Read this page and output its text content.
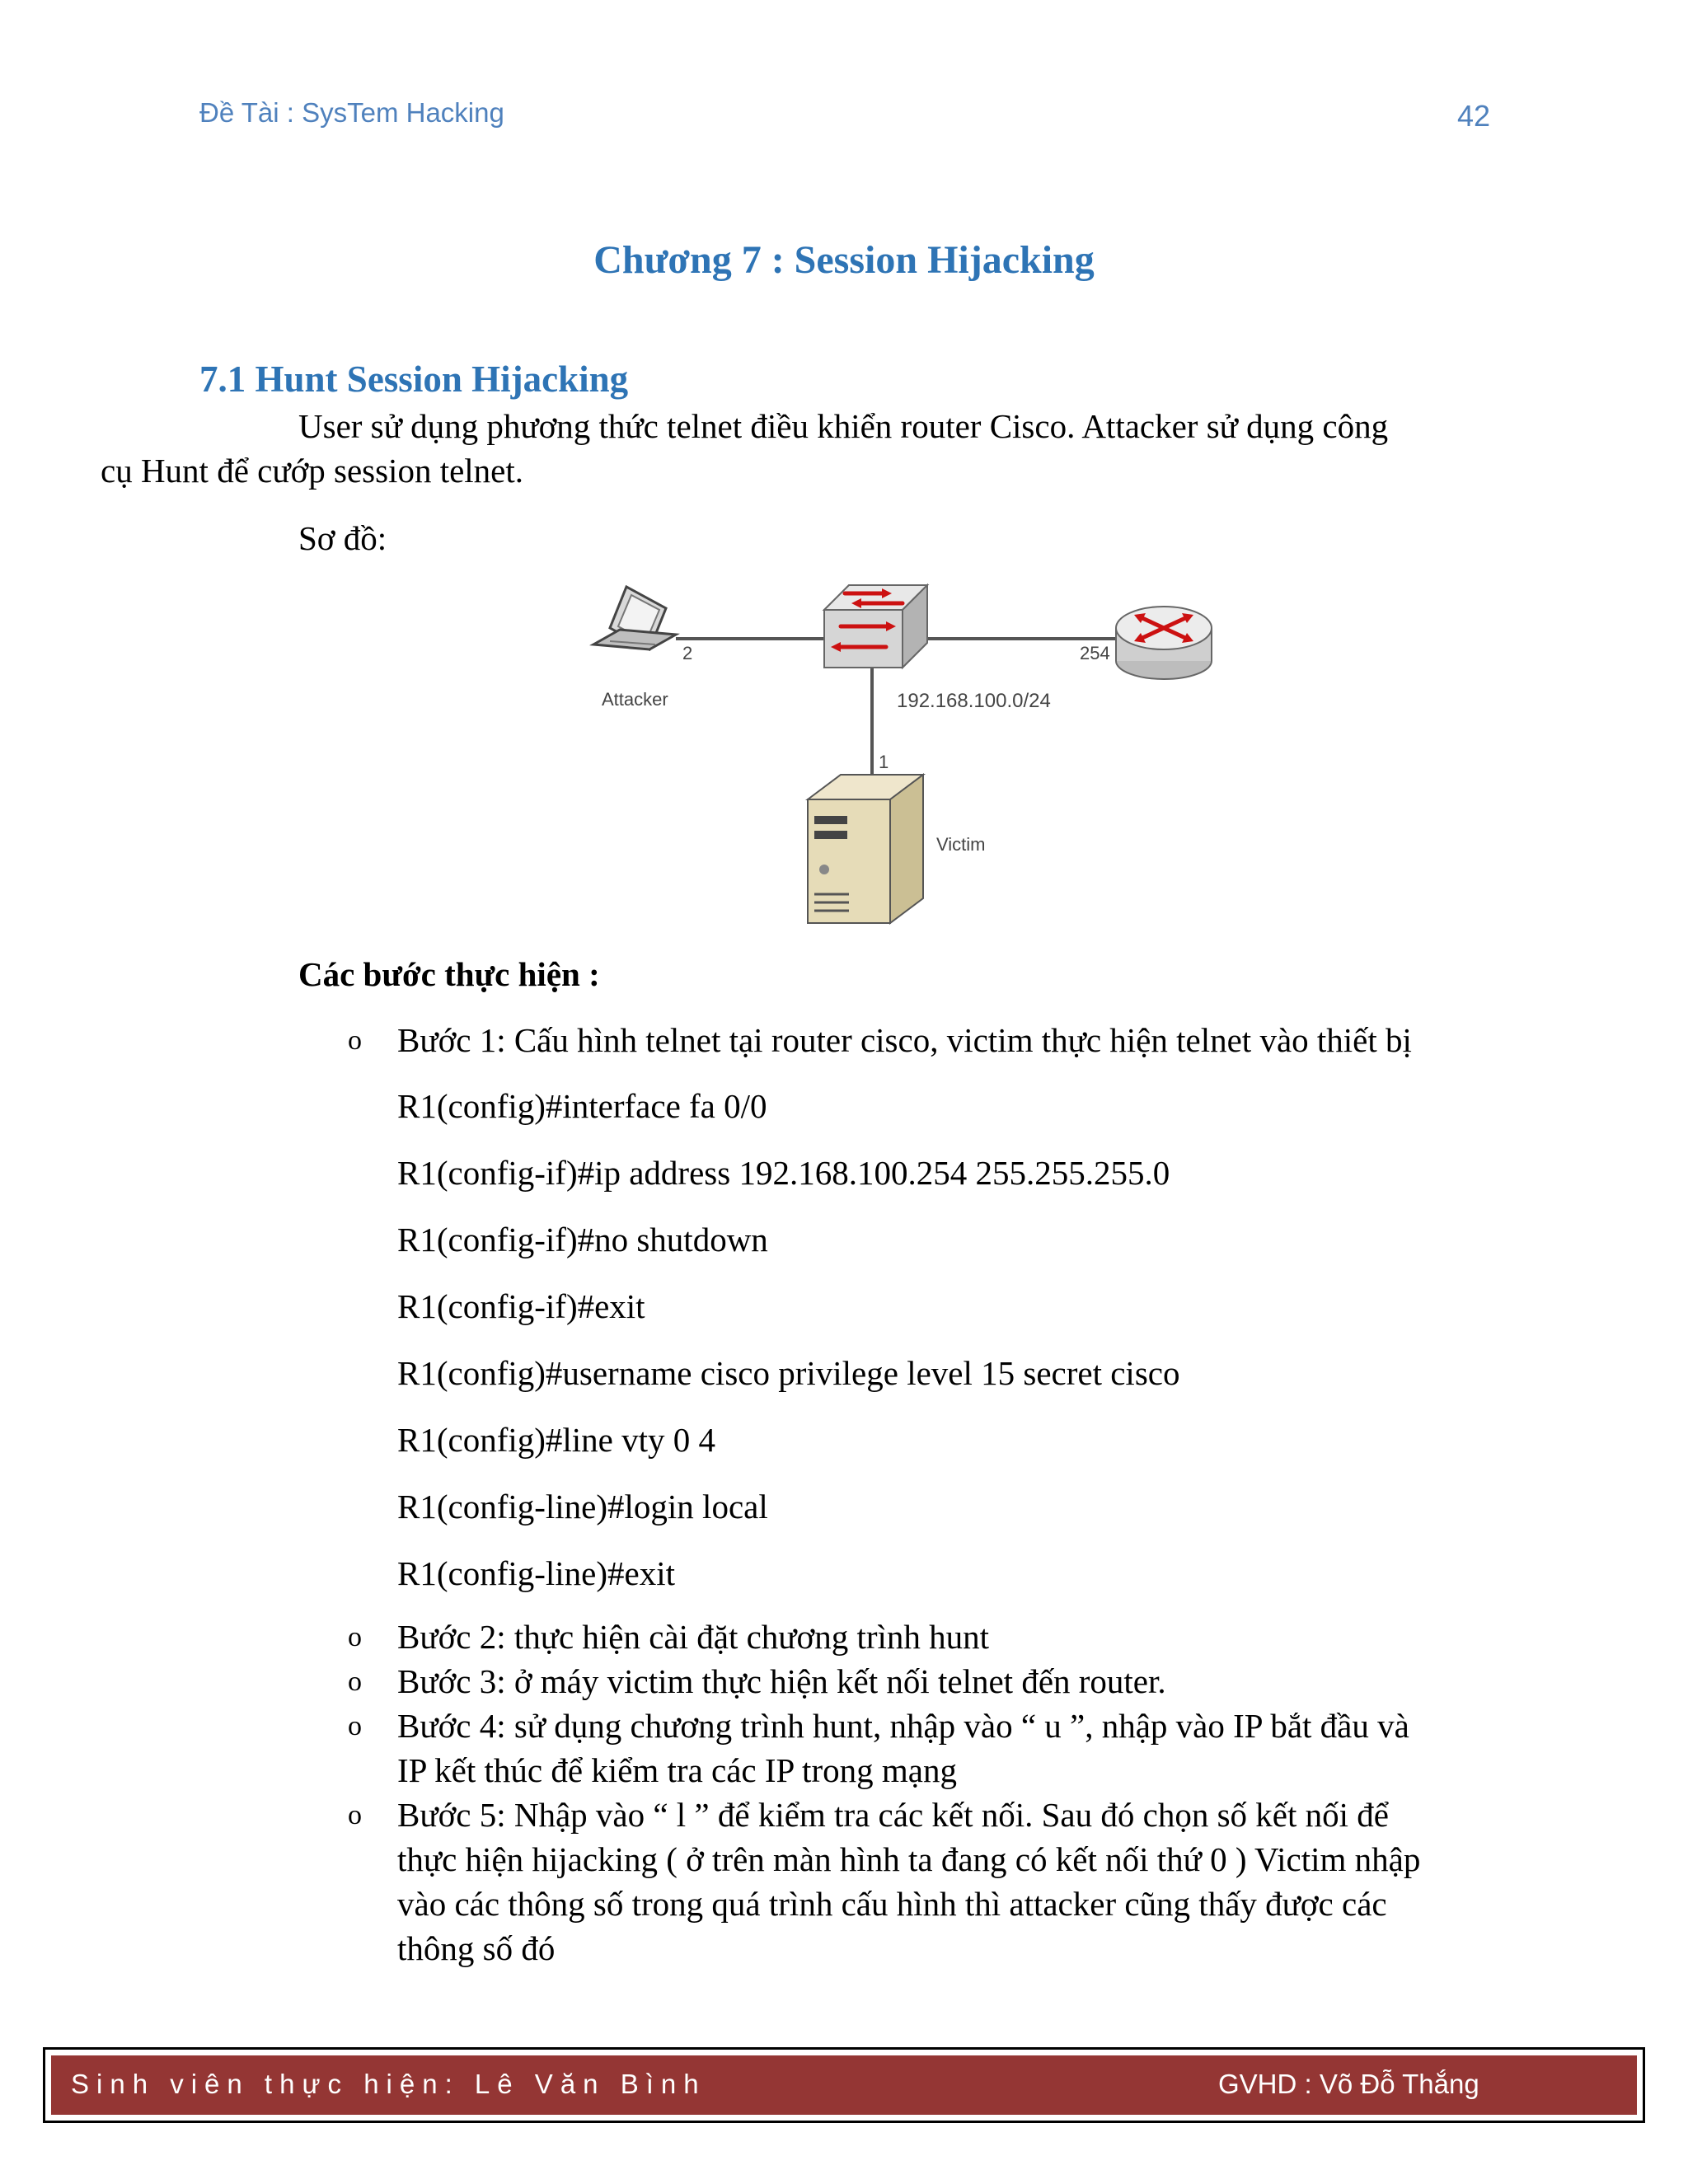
Đề Tài : SysTem Hacking	42
Chương 7 : Session Hijacking
7.1 Hunt Session Hijacking
User sử dụng phương thức telnet điều khiển router Cisco. Attacker sử dụng công
cụ Hunt để cướp session telnet.
Sơ đồ:
Attacker
2	254
192.168.100.0/24
1
Victim
Các bước thực hiện :
o Bước 1: Cấu hình telnet tại router cisco, victim thực hiện telnet vào thiết bị
R1(config)#interface fa 0/0
R1(config-if)#ip address 192.168.100.254 255.255.255.0
R1(config-if)#no shutdown
R1(config-if)#exit
R1(config)#username cisco privilege level 15 secret cisco
R1(config)#line vty 0 4
R1(config-line)#login local
R1(config-line)#exit
o Bước 2: thực hiện cài đặt chương trình hunt
o Bước 3: ở máy victim thực hiện kết nối telnet đến router.
o Bước 4: sử dụng chương trình hunt, nhập vào “ u ”, nhập vào IP bắt đầu và
IP kết thúc để kiểm tra các IP trong mạng
o Bước 5: Nhập vào “ l ” để kiểm tra các kết nối. Sau đó chọn số kết nối để
thực hiện hijacking ( ở trên màn hình ta đang có kết nối thứ 0 ) Victim nhập
vào các thông số trong quá trình cấu hình thì attacker cũng thấy được các
thông số đó
Sinh viên thực hiện: Lê Văn Bình	GVHD : Võ Đỗ Thắng
